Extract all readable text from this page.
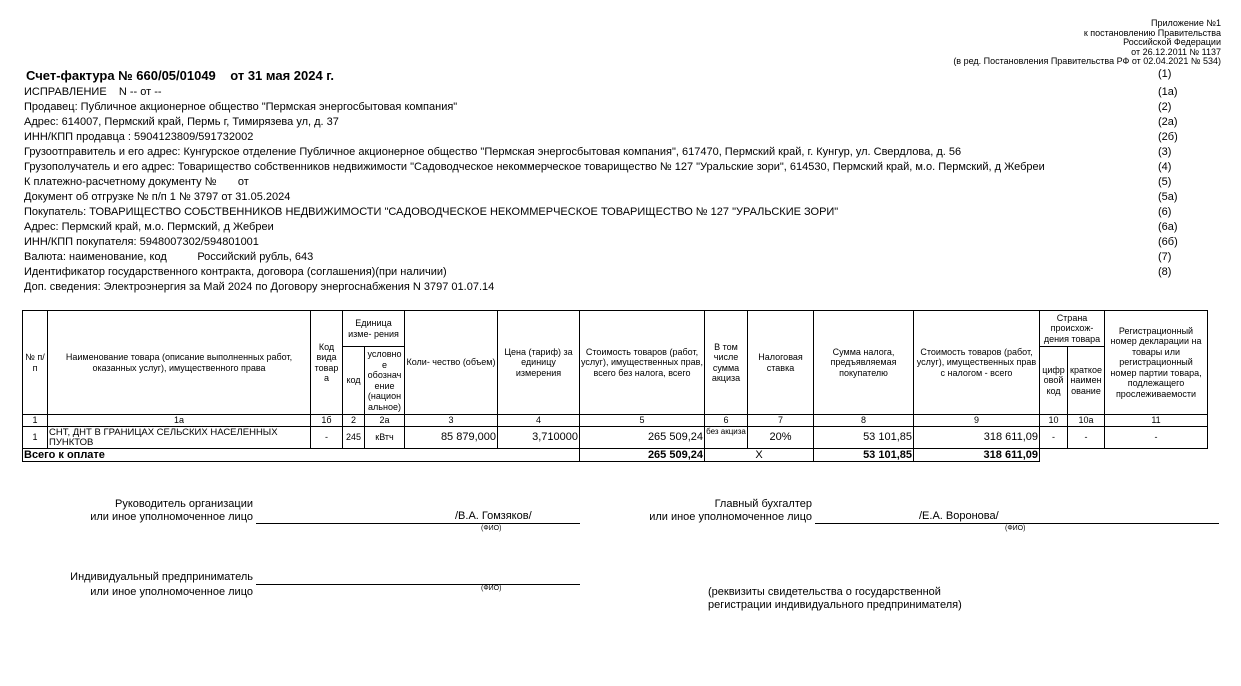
Приложение №1
к постановлению Правительства
Российской Федерации
от 26.12.2011 № 1137
(в ред. Постановления Правительства РФ от 02.04.2021 № 534)
Счет-фактура № 660/05/01049    от 31 мая 2024 г.	(1)
ИСПРАВЛЕНИЕ    N -- от --	(1а)
Продавец: Публичное акционерное общество "Пермская энергосбытовая компания"	(2)
Адрес: 614007, Пермский край, Пермь г, Тимирязева ул, д. 37	(2а)
ИНН/КПП продавца : 5904123809/591732002	(2б)
Грузоотправитель и его адрес: Кунгурское отделение Публичное акционерное общество "Пермская энергосбытовая компания", 617470, Пермский край, г. Кунгур, ул. Свердлова, д. 56	(3)
Грузополучатель и его адрес: Товарищество собственников недвижимости "Садоводческое некоммерческое товарищество № 127 "Уральские зори", 614530, Пермский край, м.о. Пермский, д Жебреи	(4)
К платежно-расчетному документу №       от	(5)
Документ об отгрузке № п/п 1 № 3797 от 31.05.2024	(5а)
Покупатель: ТОВАРИЩЕСТВО СОБСТВЕННИКОВ НЕДВИЖИМОСТИ "САДОВОДЧЕСКОЕ НЕКОММЕРЧЕСКОЕ ТОВАРИЩЕСТВО № 127 "УРАЛЬСКИЕ ЗОРИ"	(6)
Адрес: Пермский край, м.о. Пермский, д Жебреи	(6а)
ИНН/КПП покупателя: 5948007302/594801001	(6б)
Валюта: наименование, код          Российский рубль, 643	(7)
Идентификатор государственного контракта, договора (соглашения)(при наличии)	(8)
Доп. сведения: Электроэнергия за Май 2024 по Договору энергоснабжения N 3797 01.07.14
№ п/п	Наименование товара (описание выполненных работ, оказанных услуг), имущественного права	Код вида товар а	Единица изме- рения		Коли- чество (объем)	Цена (тариф) за единицу измерения	Стоимость товаров (работ, услуг), имущественных прав, всего без налога, всего	В том числе сумма акциза	Налоговая ставка	Сумма налога, предъявляемая покупателю	Стоимость товаров (работ, услуг), имущественных прав с налогом - всего	Страна происхож- дения товара		Регистрационный номер декларации на товары или регистрационный номер партии товара, подлежащего прослеживаемости
			код	условно е обознач ение (национ альное)								цифр овой код	краткое наимен ование	
1	1а	1б	2	2а	3	4	5	6	7	8	9	10	10а	11
1	СНТ, ДНТ В ГРАНИЦАХ СЕЛЬСКИХ НАСЕЛЕННЫХ ПУНКТОВ	-	245	кВтч	85 879,000	3,710000	265 509,24	без акциза	20%	53 101,85	318 611,09	-	-	-
Всего к оплате							265 509,24	X		53 101,85	318 611,09			
Руководитель организации
или иное уполномоченное лицо	/В.А. Гомзяков/
(ФИО)
Главный бухгалтер
или иное уполномоченное лицо	/Е.А. Воронова/
(ФИО)
Индивидуальный предприниматель
или иное уполномоченное лицо	(ФИО)	(реквизиты свидетельства о государственной
регистрации индивидуального предпринимателя)
